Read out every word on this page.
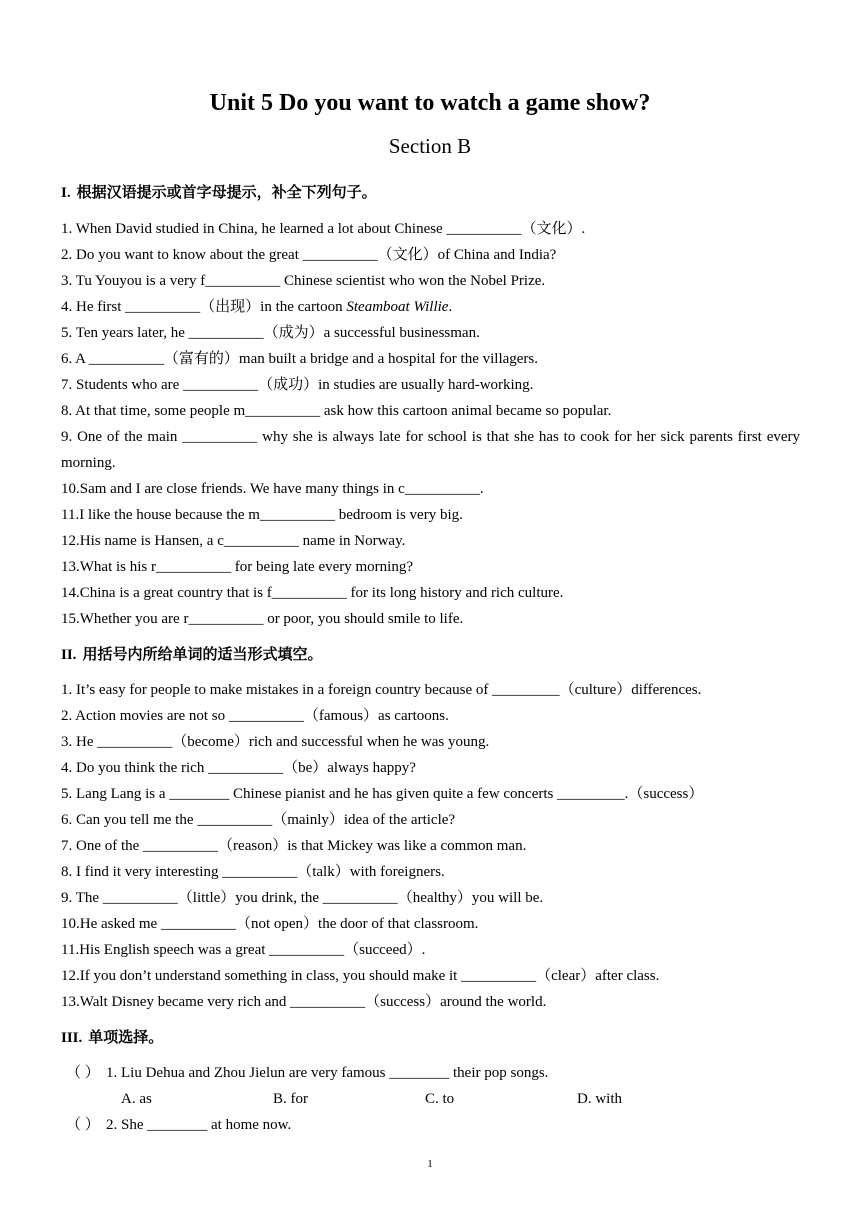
Unit 5 Do you want to watch a game show?
Section B
I. 根据汉语提示或首字母提示，补全下列句子。
1. When David studied in China, he learned a lot about Chinese __________（文化）.
2. Do you want to know about the great __________（文化）of China and India?
3. Tu Youyou is a very f__________ Chinese scientist who won the Nobel Prize.
4. He first __________（出现）in the cartoon Steamboat Willie.
5. Ten years later, he __________（成为）a successful businessman.
6. A __________（富有的）man built a bridge and a hospital for the villagers.
7. Students who are __________（成功）in studies are usually hard-working.
8. At that time, some people m__________ ask how this cartoon animal became so popular.
9. One of the main __________ why she is always late for school is that she has to cook for her sick parents first every morning.
10.Sam and I are close friends. We have many things in c__________.
11.I like the house because the m__________ bedroom is very big.
12.His name is Hansen, a c__________ name in Norway.
13.What is his r__________ for being late every morning?
14.China is a great country that is f__________ for its long history and rich culture.
15.Whether you are r__________ or poor, you should smile to life.
II. 用括号内所给单词的适当形式填空。
1. It’s easy for people to make mistakes in a foreign country because of _________（culture）differences.
2. Action movies are not so __________（famous）as cartoons.
3. He __________（become）rich and successful when he was young.
4. Do you think the rich __________（be）always happy?
5. Lang Lang is a ________ Chinese pianist and he has given quite a few concerts _________.（success）
6. Can you tell me the __________（mainly）idea of the article?
7. One of the __________（reason）is that Mickey was like a common man.
8. I find it very interesting __________（talk）with foreigners.
9. The __________（little）you drink, the __________（healthy）you will be.
10.He asked me __________（not open）the door of that classroom.
11.His English speech was a great __________（succeed）.
12.If you don’t understand something in class, you should make it __________（clear）after class.
13.Walt Disney became very rich and __________（success）around the world.
III. 单项选择。
（ ） 1. Liu Dehua and Zhou Jielun are very famous ________ their pop songs.
A. as	B. for	C. to	D. with
（ ） 2. She ________ at home now.
1
